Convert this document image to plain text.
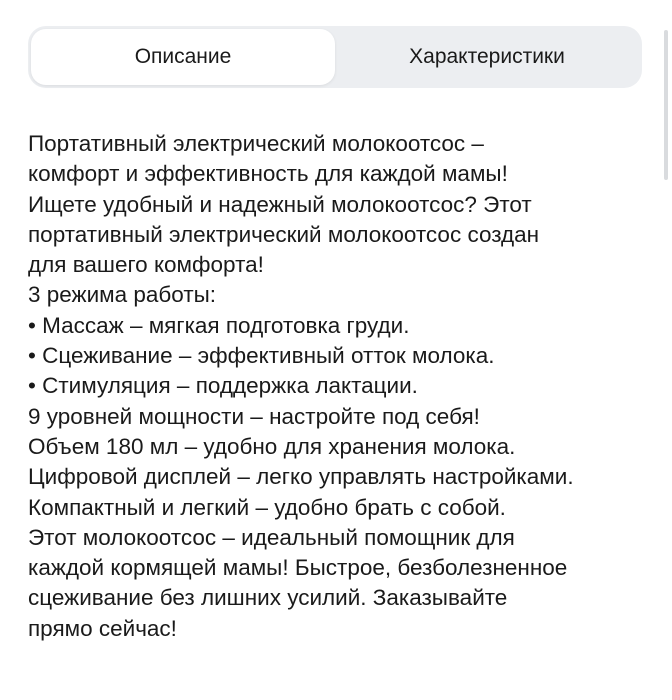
Описание	Характеристики

Портативный электрический молокоотсос –

комфорт и эффективность для каждой мамы!

Ищете удобный и надежный молокоотсос? Этот

портативный электрический молокоотсос создан

для вашего комфорта!

3 режима работы:

• Массаж – мягкая подготовка груди.

• Сцеживание – эффективный отток молока.

• Стимуляция – поддержка лактации.

9 уровней мощности – настройте под себя!

Объем 180 мл – удобно для хранения молока.

Цифровой дисплей – легко управлять настройками.

Компактный и легкий – удобно брать с собой.

Этот молокоотсос – идеальный помощник для

каждой кормящей мамы! Быстрое, безболезненное

сцеживание без лишних усилий. Заказывайте

прямо сейчас!
